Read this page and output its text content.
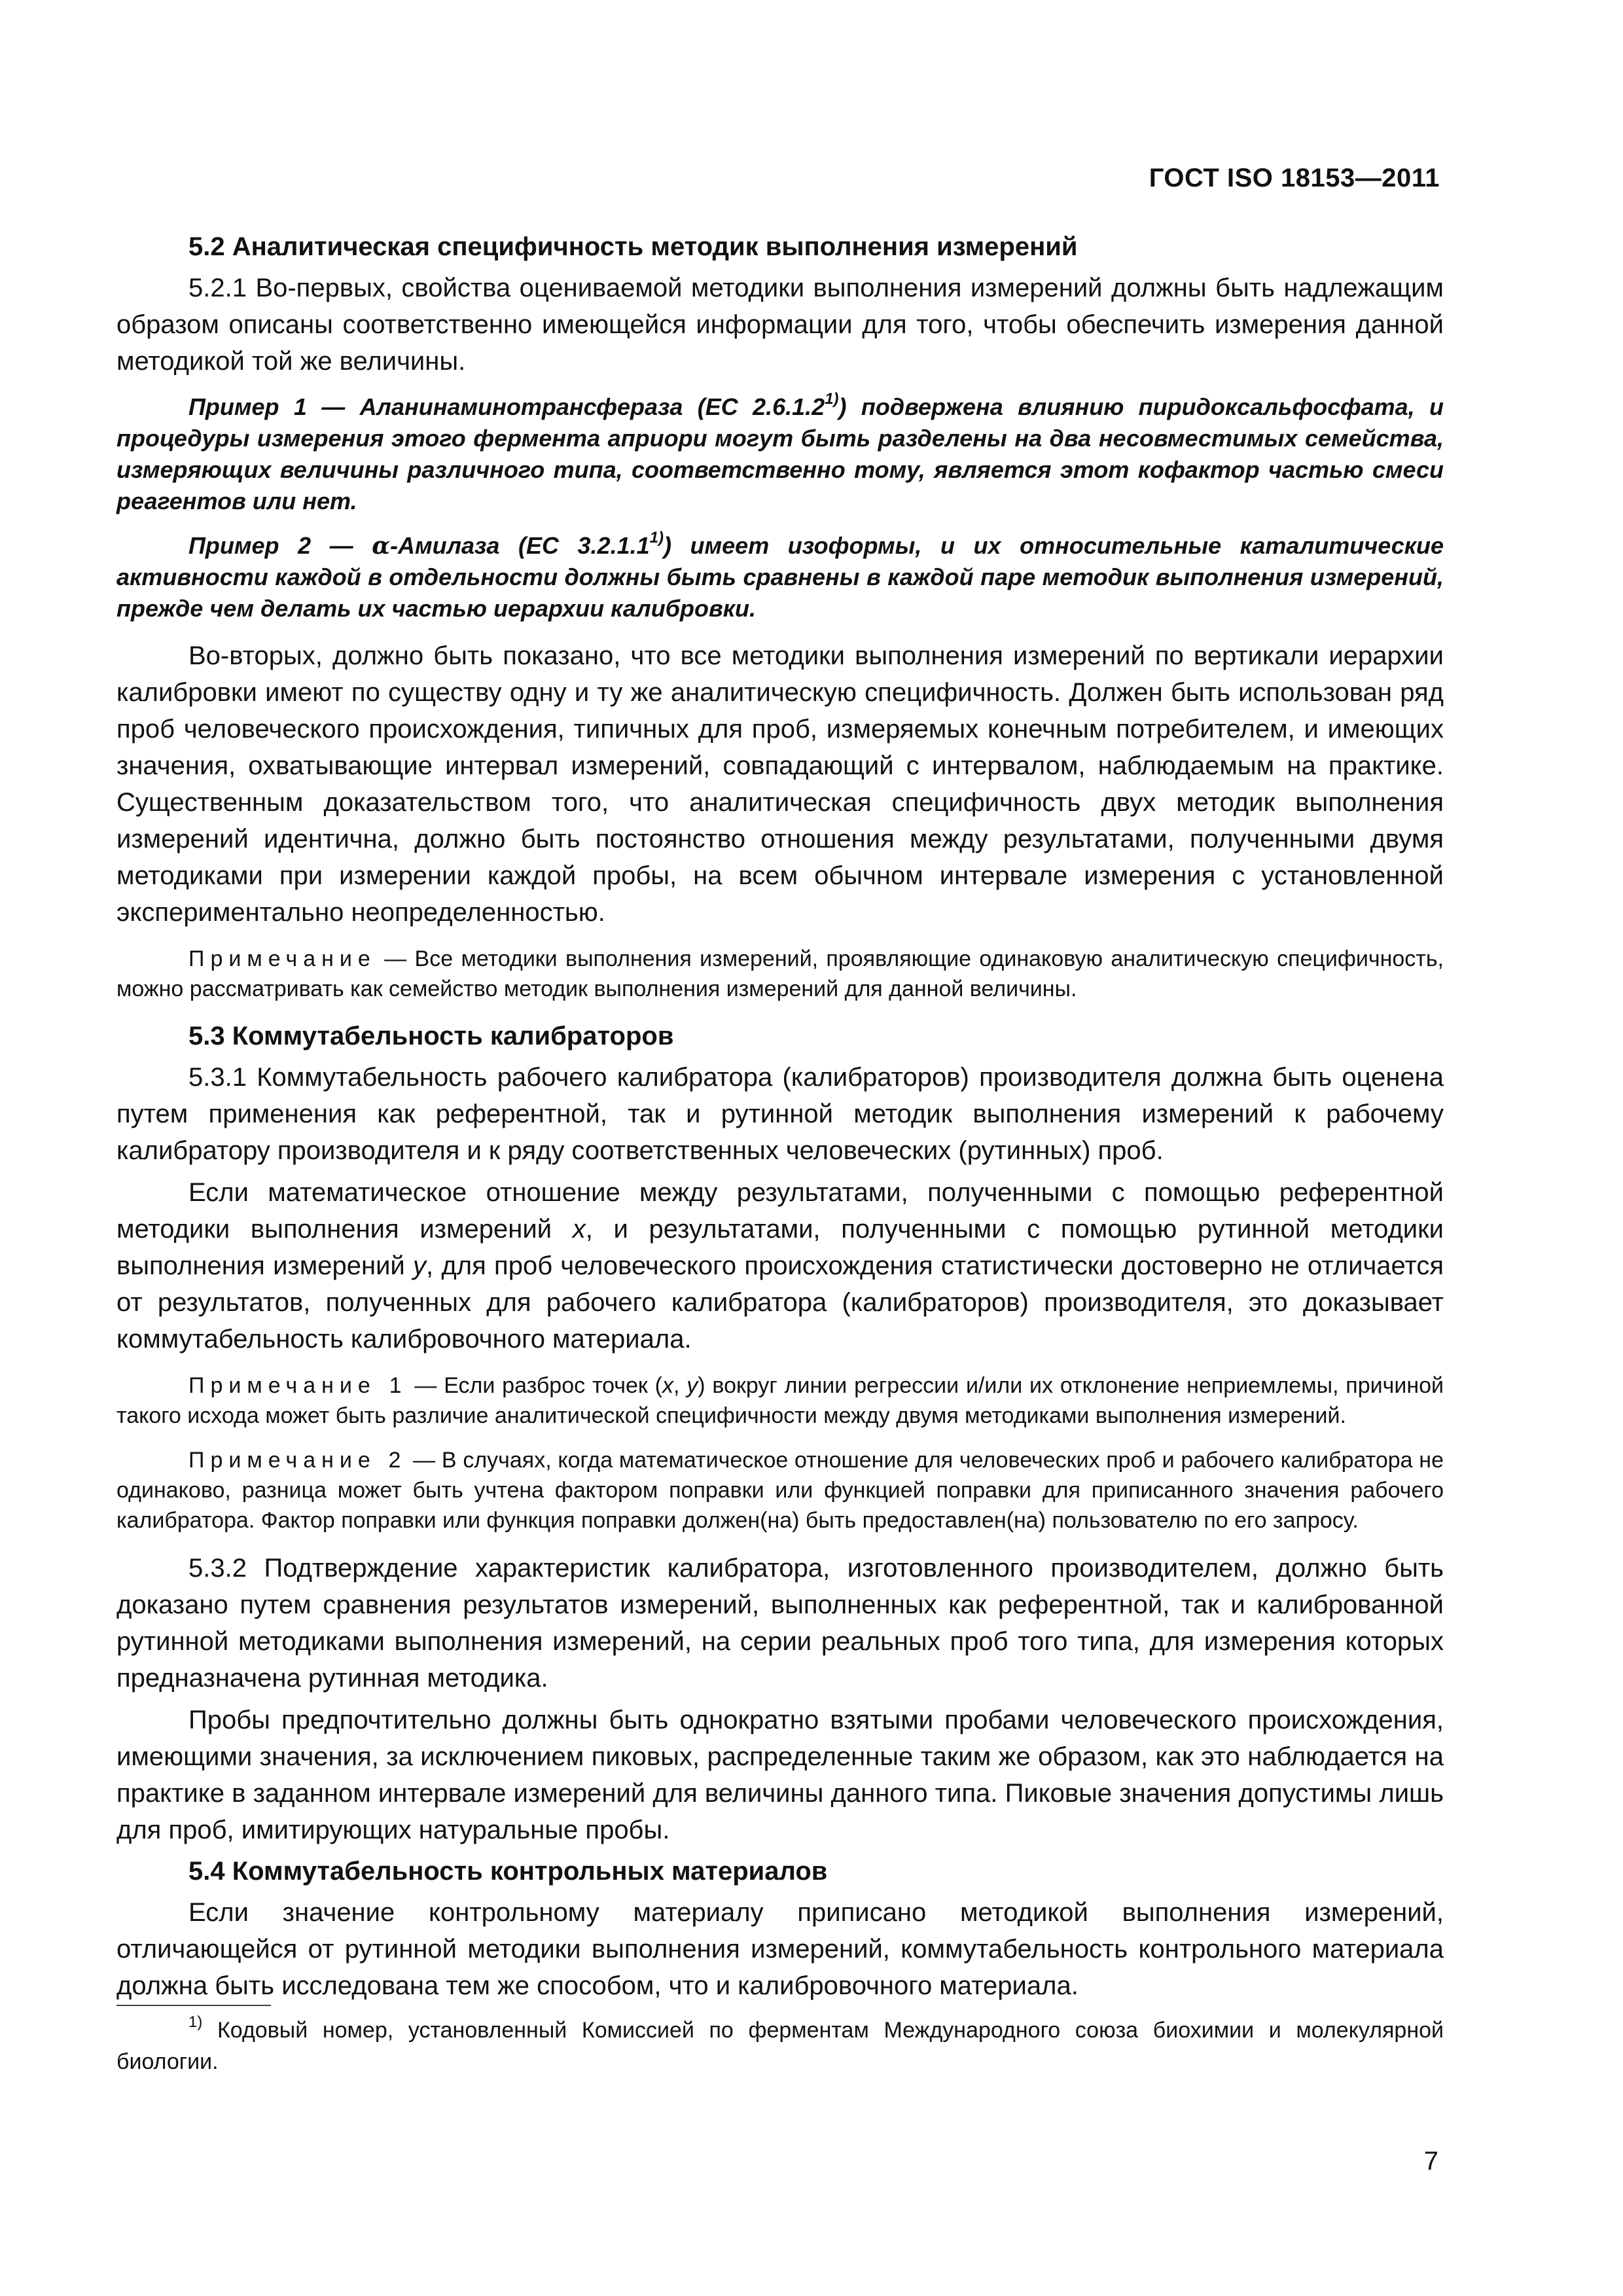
ГОСТ ISO 18153—2011
5.2 Аналитическая специфичность методик выполнения измерений

5.2.1 Во-первых, свойства оцениваемой методики выполнения измерений должны быть надлежащим образом описаны соответственно имеющейся информации для того, чтобы обеспечить измерения данной методикой той же величины.

Пример 1 — Аланинаминотрансфераза (ЕС 2.6.1.2$^{1)}$) подвержена влиянию пиридоксальфосфата, и процедуры измерения этого фермента априори могут быть разделены на два несовместимых семейства, измеряющих величины различного типа, соответственно тому, является этот кофактор частью смеси реагентов или нет.

Пример 2 — α-Амилаза (ЕС 3.2.1.1$^{1)}$) имеет изоформы, и их относительные каталитические активности каждой в отдельности должны быть сравнены в каждой паре методик выполнения измерений, прежде чем делать их частью иерархии калибровки.

Во-вторых, должно быть показано, что все методики выполнения измерений по вертикали иерархии калибровки имеют по существу одну и ту же аналитическую специфичность. Должен быть использован ряд проб человеческого происхождения, типичных для проб, измеряемых конечным потребителем, и имеющих значения, охватывающие интервал измерений, совпадающий с интервалом, наблюдаемым на практике. Существенным доказательством того, что аналитическая специфичность двух методик выполнения измерений идентична, должно быть постоянство отношения между результатами, полученными двумя методиками при измерении каждой пробы, на всем обычном интервале измерения с установленной экспериментально неопределенностью.

Примечание — Все методики выполнения измерений, проявляющие одинаковую аналитическую специфичность, можно рассматривать как семейство методик выполнения измерений для данной величины.

5.3 Коммутабельность калибраторов

5.3.1 Коммутабельность рабочего калибратора (калибраторов) производителя должна быть оценена путем применения как референтной, так и рутинной методик выполнения измерений к рабочему калибратору производителя и к ряду соответственных человеческих (рутинных) проб.

Если математическое отношение между результатами, полученными с помощью референтной методики выполнения измерений x, и результатами, полученными с помощью рутинной методики выполнения измерений y, для проб человеческого происхождения статистически достоверно не отличается от результатов, полученных для рабочего калибратора (калибраторов) производителя, это доказывает коммутабельность калибровочного материала.

Примечание 1 — Если разброс точек (x, y) вокруг линии регрессии и/или их отклонение неприемлемы, причиной такого исхода может быть различие аналитической специфичности между двумя методиками выполнения измерений.

Примечание 2 — В случаях, когда математическое отношение для человеческих проб и рабочего калибратора не одинаково, разница может быть учтена фактором поправки или функцией поправки для приписанного значения рабочего калибратора. Фактор поправки или функция поправки должен(на) быть предоставлен(на) пользователю по его запросу.

5.3.2 Подтверждение характеристик калибратора, изготовленного производителем, должно быть доказано путем сравнения результатов измерений, выполненных как референтной, так и калиброванной рутинной методиками выполнения измерений, на серии реальных проб того типа, для измерения которых предназначена рутинная методика.

Пробы предпочтительно должны быть однократно взятыми пробами человеческого происхождения, имеющими значения, за исключением пиковых, распределенные таким же образом, как это наблюдается на практике в заданном интервале измерений для величины данного типа. Пиковые значения допустимы лишь для проб, имитирующих натуральные пробы.

5.4 Коммутабельность контрольных материалов

Если значение контрольному материалу приписано методикой выполнения измерений, отличающейся от рутинной методики выполнения измерений, коммутабельность контрольного материала должна быть исследована тем же способом, что и калибровочного материала.

$^{1)}$ Кодовый номер, установленный Комиссией по ферментам Международного союза биохимии и молекулярной биологии.
7
